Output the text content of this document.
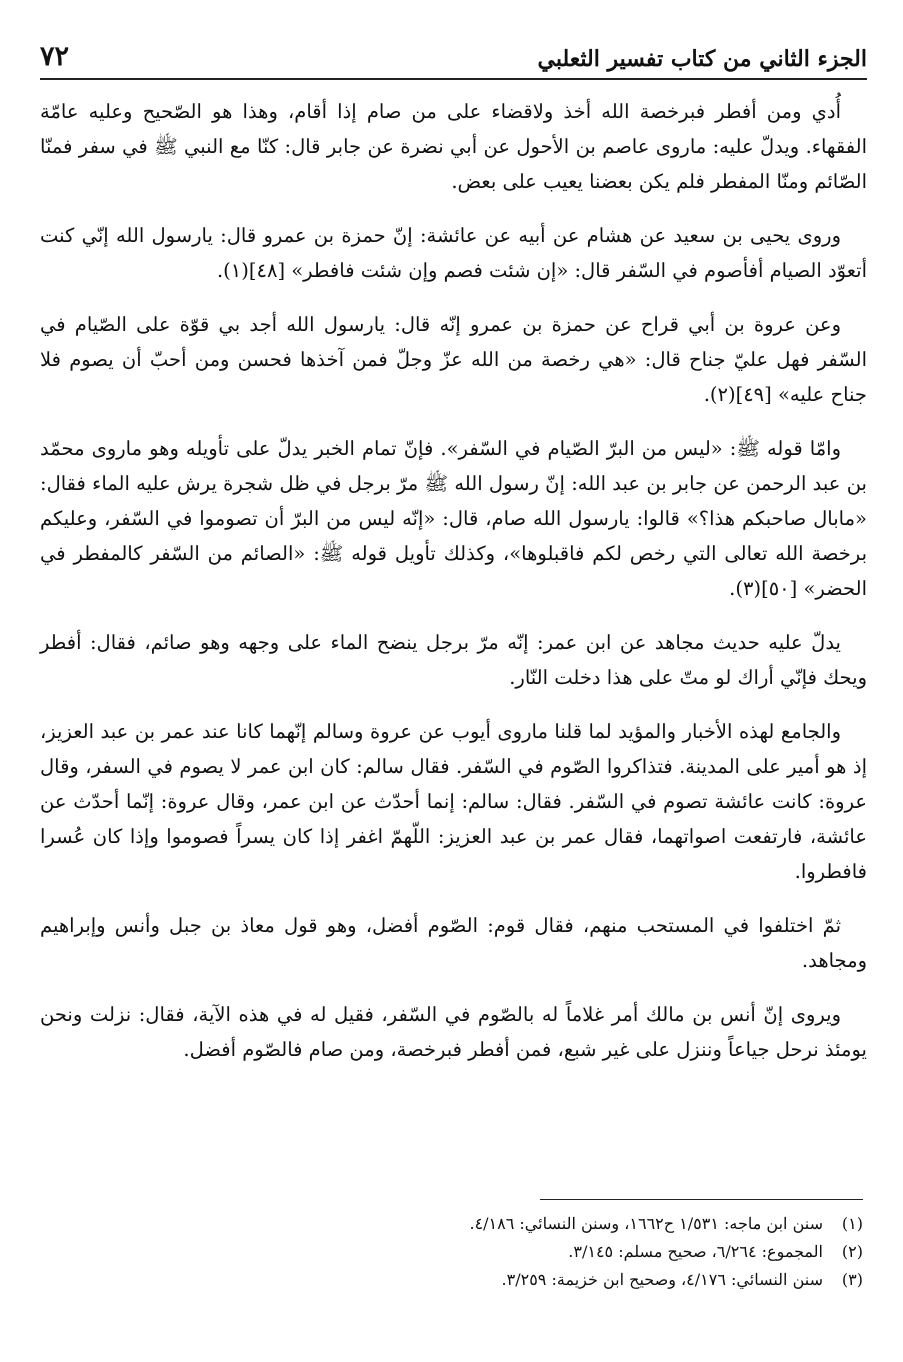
الجزء الثاني من كتاب تفسير الثعلبي
٧٢

أُدي ومن أفطر فبرخصة الله أخذ ولاقضاء على من صام إذا أقام، وهذا هو الصّحيح وعليه عامّة الفقهاء. ويدلّ عليه: ماروى عاصم بن الأحول عن أبي نضرة عن جابر قال: كنّا مع النبي ﷺ في سفر فمنّا الصّائم ومنّا المفطر فلم يكن بعضنا يعيب على بعض.

وروى يحيى بن سعيد عن هشام عن أبيه عن عائشة: إنّ حمزة بن عمرو قال: يارسول الله إنّي كنت أتعوّد الصيام أفأصوم في السّفر قال: «إن شئت فصم وإن شئت فافطر» [٤٨](١).

وعن عروة بن أبي قراح عن حمزة بن عمرو إنّه قال: يارسول الله أجد بي قوّة على الصّيام في السّفر فهل عليّ جناح قال: «هي رخصة من الله عزّ وجلّ فمن آخذها فحسن ومن أحبّ أن يصوم فلا جناح عليه» [٤٩](٢).

وامّا قوله ﷺ: «ليس من البرّ الصّيام في السّفر». فإنّ تمام الخبر يدلّ على تأويله وهو ماروى محمّد بن عبد الرحمن عن جابر بن عبد الله: إنّ رسول الله ﷺ مرّ برجل في ظل شجرة يرش عليه الماء فقال: «مابال صاحبكم هذا؟» قالوا: يارسول الله صام، قال: «إنّه ليس من البرّ أن تصوموا في السّفر، وعليكم برخصة الله تعالى التي رخص لكم فاقبلوها»، وكذلك تأويل قوله ﷺ: «الصائم من السّفر كالمفطر في الحضر» [٥٠](٣).

يدلّ عليه حديث مجاهد عن ابن عمر: إنّه مرّ برجل ينضح الماء على وجهه وهو صائم، فقال: أفطر ويحك فإنّي أراك لو متّ على هذا دخلت النّار.

والجامع لهذه الأخبار والمؤيد لما قلنا ماروى أيوب عن عروة وسالم إنّهما كانا عند عمر بن عبد العزيز، إذ هو أمير على المدينة. فتذاكروا الصّوم في السّفر. فقال سالم: كان ابن عمر لا يصوم في السفر، وقال عروة: كانت عائشة تصوم في السّفر. فقال: سالم: إنما أحدّث عن ابن عمر، وقال عروة: إنّما أحدّث عن عائشة، فارتفعت اصواتهما، فقال عمر بن عبد العزيز: اللّهمّ اغفر إذا كان يسراً فصوموا وإذا كان عُسرا فافطروا.

ثمّ اختلفوا في المستحب منهم، فقال قوم: الصّوم أفضل، وهو قول معاذ بن جبل وأنس وإبراهيم ومجاهد.

ويروى إنّ أنس بن مالك أمر غلاماً له بالصّوم في السّفر، فقيل له في هذه الآية، فقال: نزلت ونحن يومئذ نرحل جياعاً وننزل على غير شبع، فمن أفطر فبرخصة، ومن صام فالصّوم أفضل.

(١)
سنن ابن ماجه: ١/٥٣١ ح١٦٦٢، وسنن النسائي: ٤/١٨٦.
(٢)
المجموع: ٦/٢٦٤، صحيح مسلم: ٣/١٤٥.
(٣)
سنن النسائي: ٤/١٧٦، وصحيح ابن خزيمة: ٣/٢٥٩.
